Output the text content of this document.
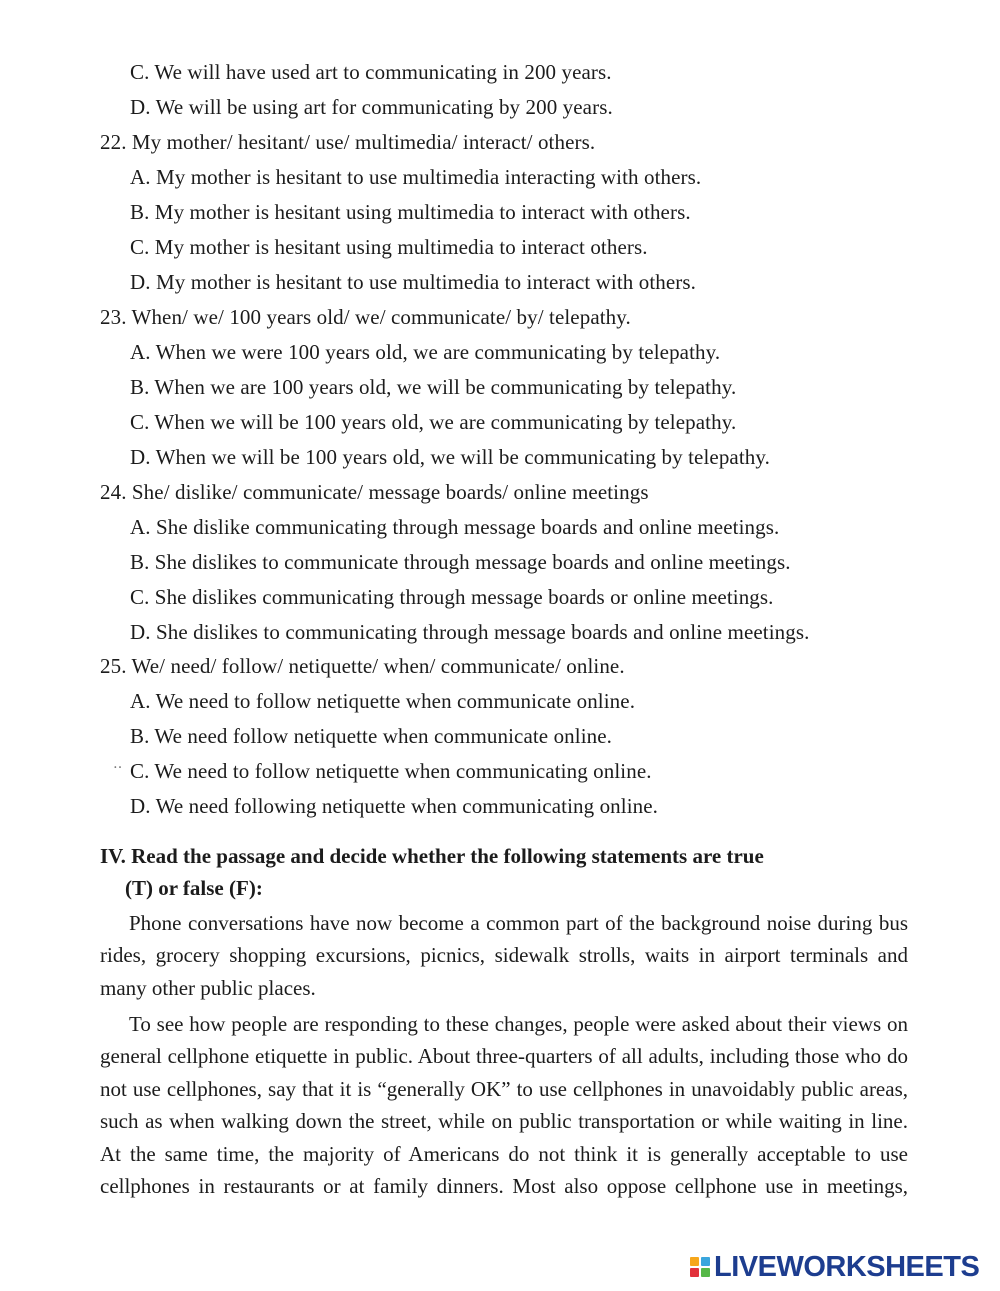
C. We will have used art to communicating in 200 years.
D. We will be using art for communicating by 200 years.
22. My mother/ hesitant/ use/ multimedia/ interact/ others.
A. My mother is hesitant to use multimedia interacting with others.
B. My mother is hesitant using multimedia to interact with others.
C. My mother is hesitant using multimedia to interact others.
D. My mother is hesitant to use multimedia to interact with others.
23. When/ we/ 100 years old/ we/ communicate/ by/ telepathy.
A. When we were 100 years old, we are communicating by telepathy.
B. When we are 100 years old, we will be communicating by telepathy.
C. When we will be 100 years old, we are communicating by telepathy.
D. When we will be 100 years old, we will be communicating by telepathy.
24. She/ dislike/ communicate/ message boards/ online meetings
A. She dislike communicating through message boards and online meetings.
B. She dislikes to communicate through message boards and online meetings.
C. She dislikes communicating through message boards or online meetings.
D. She dislikes to communicating through message boards and online meetings.
25. We/ need/ follow/ netiquette/ when/ communicate/ online.
A. We need to follow netiquette when communicate online.
B. We need follow netiquette when communicate online.
‥ C. We need to follow netiquette when communicating online.
D. We need following netiquette when communicating online.
IV. Read the passage and decide whether the following statements are true
(T) or false (F):

Phone conversations have now become a common part of the background noise during bus rides, grocery shopping excursions, picnics, sidewalk strolls, waits in airport terminals and many other public places.

To see how people are responding to these changes, people were asked about their views on general cellphone etiquette in public. About three-quarters of all adults, including those who do not use cellphones, say that it is “generally OK” to use cellphones in unavoidably public areas, such as when walking down the street, while on public transportation or while waiting in line. At the same time, the majority of Americans do not think it is generally acceptable to use cellphones in restaurants or at family dinners. Most also oppose cellphone use in meetings,

LIVEWORKSHEETS
